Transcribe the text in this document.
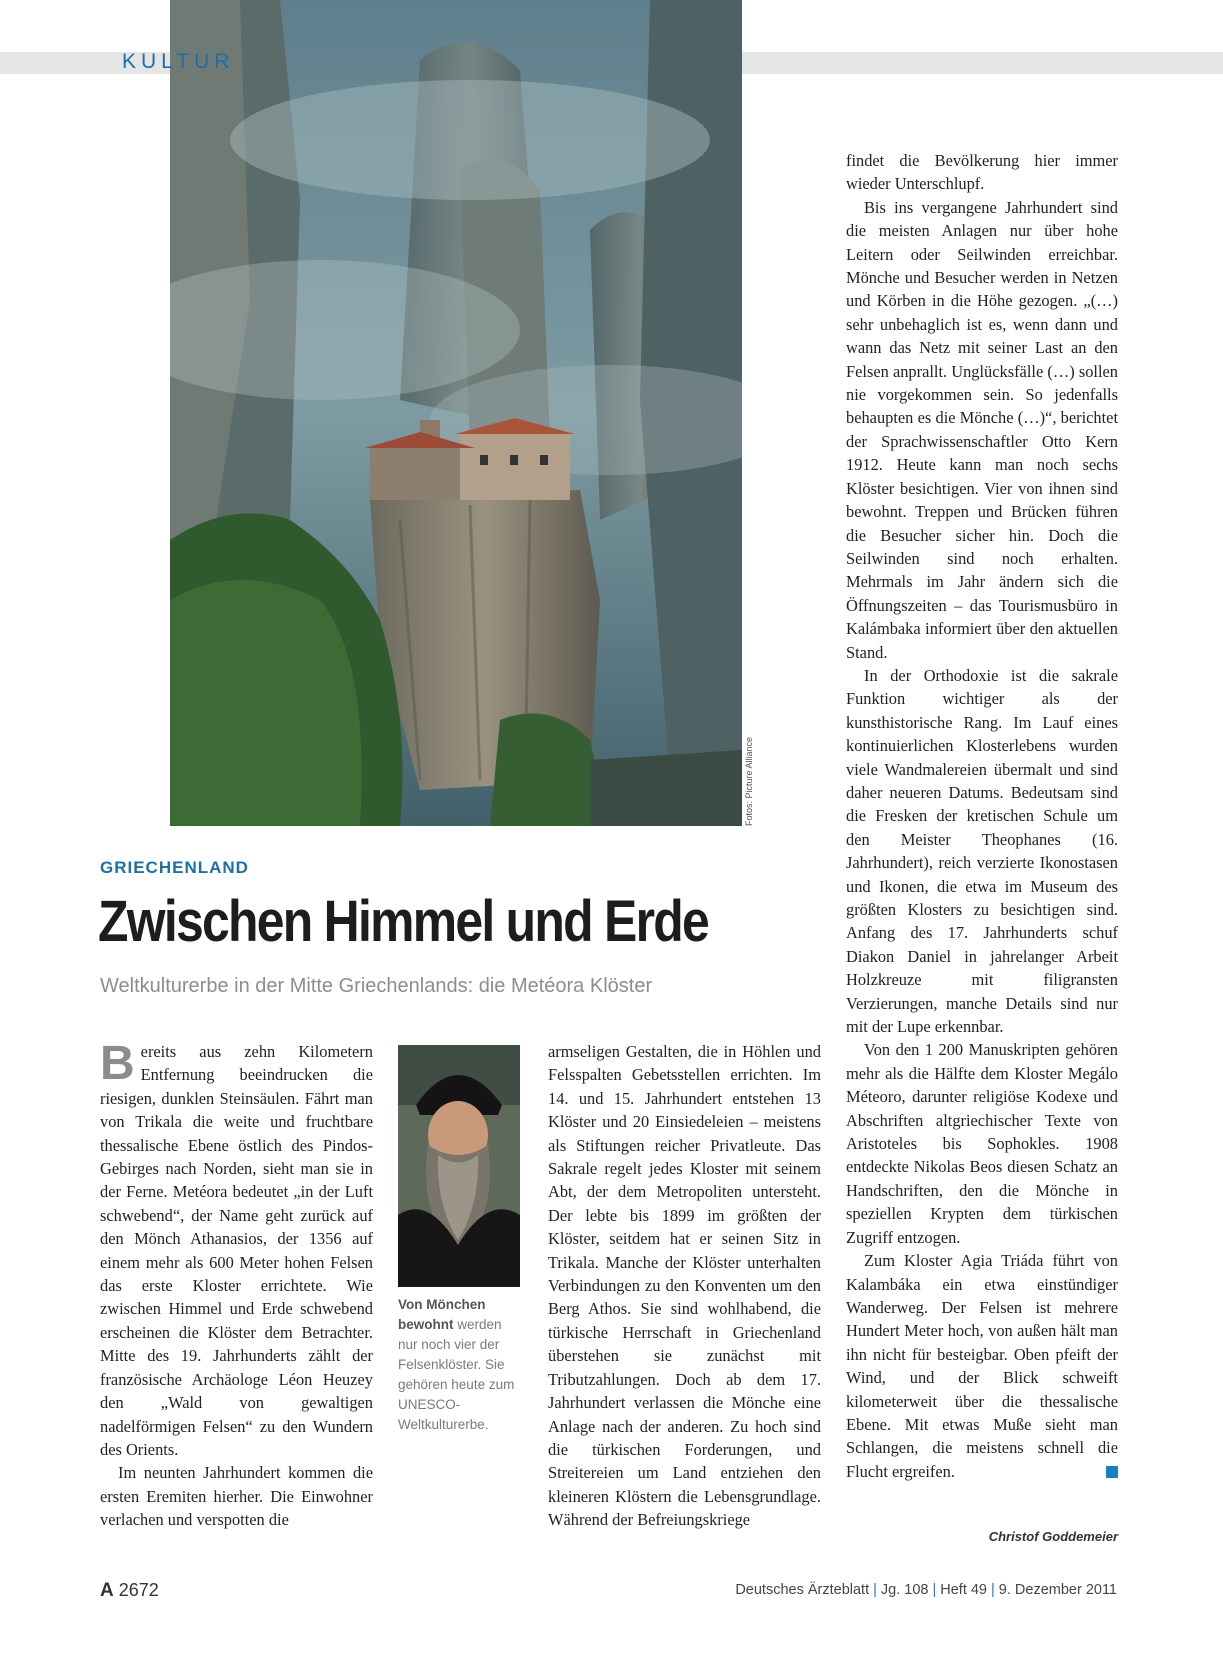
KULTUR
Fotos: Picture Alliance
GRIECHENLAND
Zwischen Himmel und Erde
Weltkulturerbe in der Mitte Griechenlands: die Metéora Klöster

Bereits aus zehn Kilometern Entfernung beeindrucken die riesigen, dunklen Steinsäulen. Fährt man von Trikala die weite und fruchtbare thessalische Ebene östlich des Pindos-Gebirges nach Norden, sieht man sie in der Ferne. Metéora bedeutet „in der Luft schwebend“, der Name geht zurück auf den Mönch Athanasios, der 1356 auf einem mehr als 600 Meter hohen Felsen das erste Kloster errichtete. Wie zwischen Himmel und Erde schwebend erscheinen die Klöster dem Betrachter. Mitte des 19. Jahrhunderts zählt der französische Archäologe Léon Heuzey den „Wald von gewaltigen nadelförmigen Felsen“ zu den Wundern des Orients.

Im neunten Jahrhundert kommen die ersten Eremiten hierher. Die Einwohner verlachen und verspotten die

Von Mönchen bewohnt werden nur noch vier der Felsenklöster. Sie gehören heute zum UNESCO-Weltkulturerbe.

armseligen Gestalten, die in Höhlen und Felsspalten Gebetsstellen errichten. Im 14. und 15. Jahrhundert entstehen 13 Klöster und 20 Einsiedeleien – meistens als Stiftungen reicher Privatleute. Das Sakrale regelt jedes Kloster mit seinem Abt, der dem Metropoliten untersteht. Der lebte bis 1899 im größten der Klöster, seitdem hat er seinen Sitz in Trikala. Manche der Klöster unterhalten Verbindungen zu den Konventen um den Berg Athos. Sie sind wohlhabend, die türkische Herrschaft in Griechenland überstehen sie zunächst mit Tributzahlungen. Doch ab dem 17. Jahrhundert verlassen die Mönche eine Anlage nach der anderen. Zu hoch sind die türkischen Forderungen, und Streitereien um Land entziehen den kleineren Klöstern die Lebensgrundlage. Während der Befreiungskriege

findet die Bevölkerung hier immer wieder Unterschlupf.

Bis ins vergangene Jahrhundert sind die meisten Anlagen nur über hohe Leitern oder Seilwinden erreichbar. Mönche und Besucher werden in Netzen und Körben in die Höhe gezogen. „(…) sehr unbehaglich ist es, wenn dann und wann das Netz mit seiner Last an den Felsen anprallt. Unglücksfälle (…) sollen nie vorgekommen sein. So jedenfalls behaupten es die Mönche (…)“, berichtet der Sprachwissenschaftler Otto Kern 1912. Heute kann man noch sechs Klöster besichtigen. Vier von ihnen sind bewohnt. Treppen und Brücken führen die Besucher sicher hin. Doch die Seilwinden sind noch erhalten. Mehrmals im Jahr ändern sich die Öffnungszeiten – das Tourismusbüro in Kalámbaka informiert über den aktuellen Stand.

In der Orthodoxie ist die sakrale Funktion wichtiger als der kunsthistorische Rang. Im Lauf eines kontinuierlichen Klosterlebens wurden viele Wandmalereien übermalt und sind daher neueren Datums. Bedeutsam sind die Fresken der kretischen Schule um den Meister Theophanes (16. Jahrhundert), reich verzierte Ikonostasen und Ikonen, die etwa im Museum des größten Klosters zu besichtigen sind. Anfang des 17. Jahrhunderts schuf Diakon Daniel in jahrelanger Arbeit Holzkreuze mit filigransten Verzierungen, manche Details sind nur mit der Lupe erkennbar.

Von den 1 200 Manuskripten gehören mehr als die Hälfte dem Kloster Megálo Méteoro, darunter religiöse Kodexe und Abschriften altgriechischer Texte von Aristoteles bis Sophokles. 1908 entdeckte Nikolas Beos diesen Schatz an Handschriften, den die Mönche in speziellen Krypten dem türkischen Zugriff entzogen.

Zum Kloster Agia Triáda führt von Kalambáka ein etwa einstündiger Wanderweg. Der Felsen ist mehrere Hundert Meter hoch, von außen hält man ihn nicht für besteigbar. Oben pfeift der Wind, und der Blick schweift kilometerweit über die thessalische Ebene. Mit etwas Muße sieht man Schlangen, die meistens schnell die Flucht ergreifen.

Christof Goddemeier
A 2672	Deutsches Ärzteblatt | Jg. 108 | Heft 49 | 9. Dezember 2011
